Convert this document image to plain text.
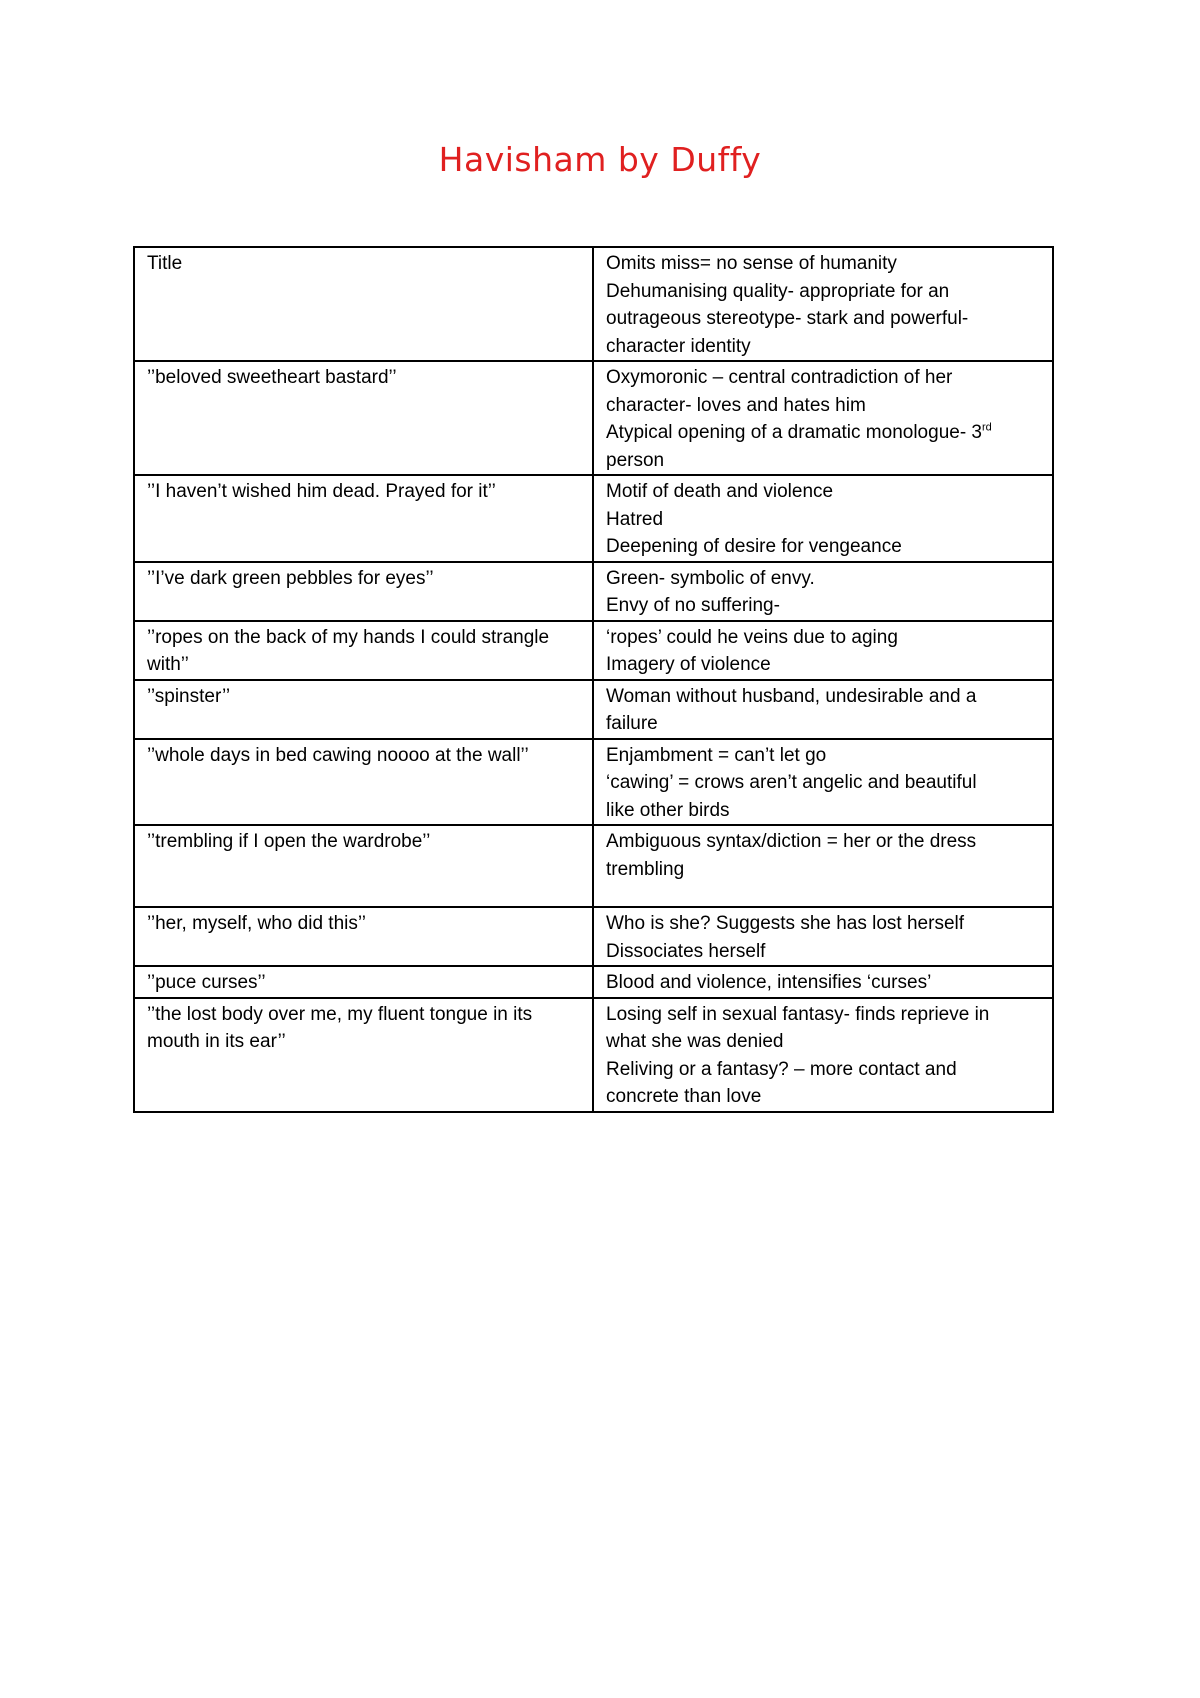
Havisham by Duffy
Title	Omits miss= no sense of humanity
Dehumanising quality- appropriate for an
outrageous stereotype- stark and powerful-
character identity

’’beloved sweetheart bastard’’	Oxymoronic – central contradiction of her
character- loves and hates him
Atypical opening of a dramatic monologue- 3rd
person

’’I haven’t wished him dead. Prayed for it’’	Motif of death and violence
Hatred
Deepening of desire for vengeance

’’I’ve dark green pebbles for eyes’’	Green- symbolic of envy.
Envy of no suffering-

’’ropes on the back of my hands I could strangle
with’’	‘ropes’ could he veins due to aging
Imagery of violence

’’spinster’’	Woman without husband, undesirable and a
failure

’’whole days in bed cawing noooo at the wall’’	Enjambment = can’t let go
‘cawing’ = crows aren’t angelic and beautiful
like other birds

’’trembling if I open the wardrobe’’	Ambiguous syntax/diction = her or the dress
trembling

’’her, myself, who did this’’	Who is she? Suggests she has lost herself
Dissociates herself

’’puce curses’’	Blood and violence, intensifies ‘curses’

’’the lost body over me, my fluent tongue in its
mouth in its ear’’	Losing self in sexual fantasy- finds reprieve in
what she was denied
Reliving or a fantasy? – more contact and
concrete than love
